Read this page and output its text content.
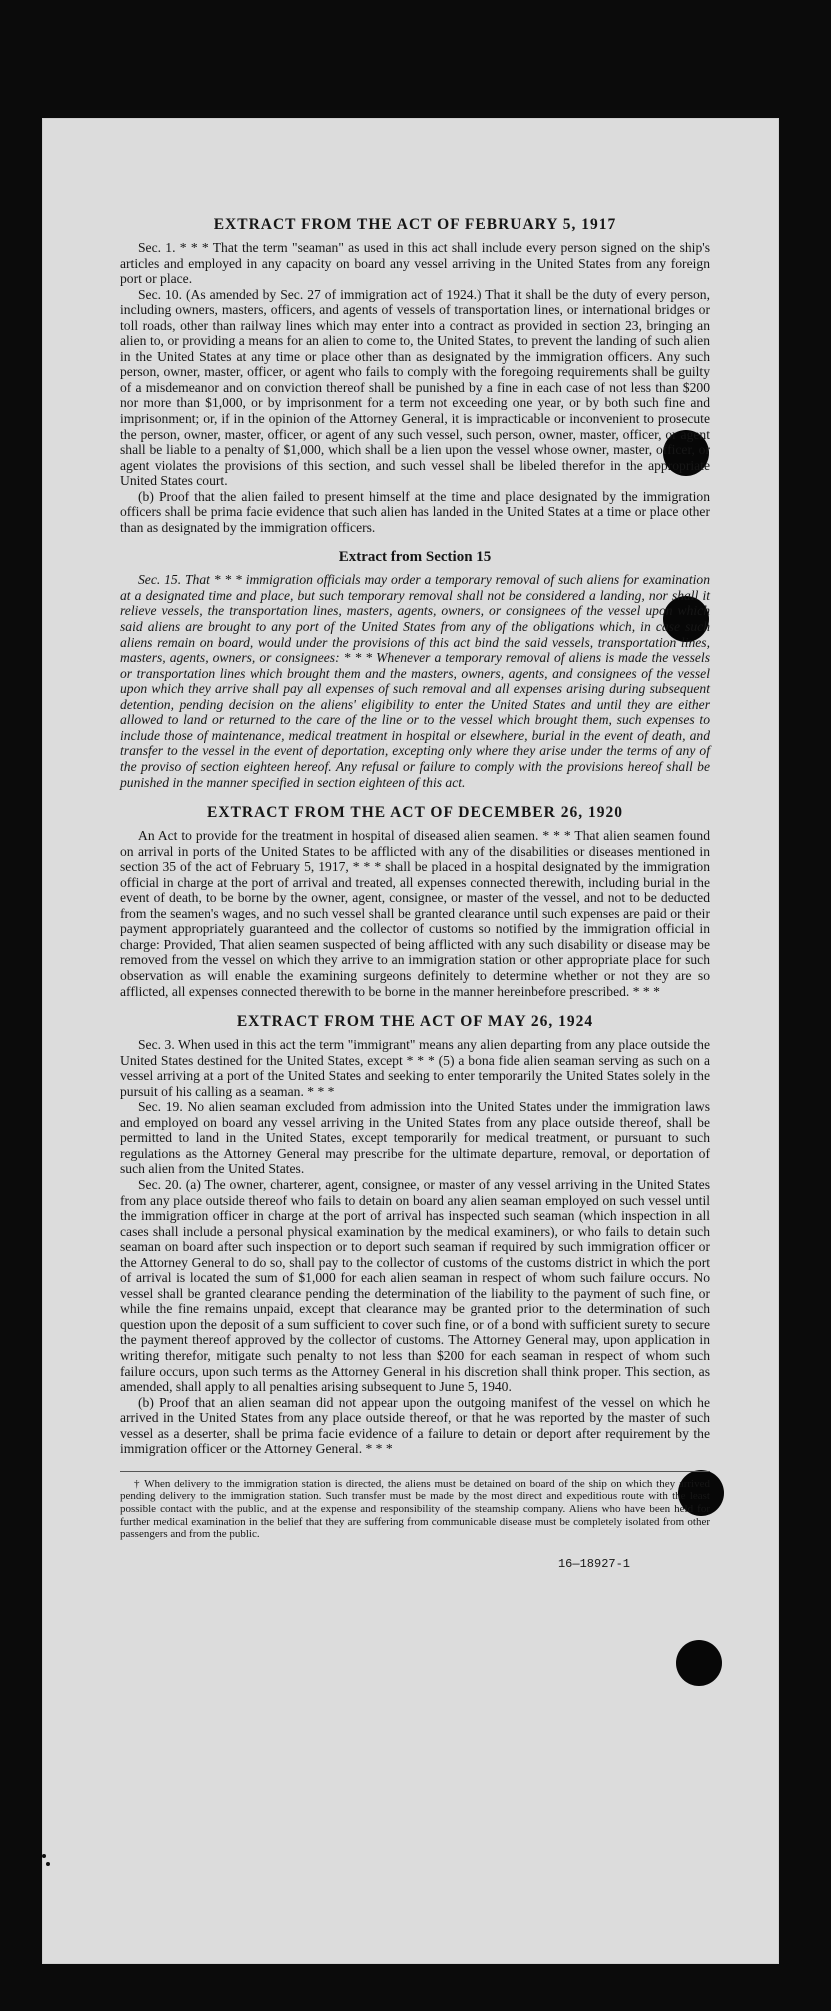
EXTRACT FROM THE ACT OF FEBRUARY 5, 1917

Sec. 1. * * * That the term "seaman" as used in this act shall include every person signed on the ship's articles and employed in any capacity on board any vessel arriving in the United States from any foreign port or place.

Sec. 10. (As amended by Sec. 27 of immigration act of 1924.) That it shall be the duty of every person, including owners, masters, officers, and agents of vessels of transportation lines, or international bridges or toll roads, other than railway lines which may enter into a contract as provided in section 23, bringing an alien to, or providing a means for an alien to come to, the United States, to prevent the landing of such alien in the United States at any time or place other than as designated by the immigration officers. Any such person, owner, master, officer, or agent who fails to comply with the foregoing requirements shall be guilty of a misdemeanor and on conviction thereof shall be punished by a fine in each case of not less than $200 nor more than $1,000, or by imprisonment for a term not exceeding one year, or by both such fine and imprisonment; or, if in the opinion of the Attorney General, it is impracticable or inconvenient to prosecute the person, owner, master, officer, or agent of any such vessel, such person, owner, master, officer, or agent shall be liable to a penalty of $1,000, which shall be a lien upon the vessel whose owner, master, officer, or agent violates the provisions of this section, and such vessel shall be libeled therefor in the appropriate United States court.

(b) Proof that the alien failed to present himself at the time and place designated by the immigration officers shall be prima facie evidence that such alien has landed in the United States at a time or place other than as designated by the immigration officers.

Extract from Section 15

Sec. 15. That * * * immigration officials may order a temporary removal of such aliens for examination at a designated time and place, but such temporary removal shall not be considered a landing, nor shall it relieve vessels, the transportation lines, masters, agents, owners, or consignees of the vessel upon which said aliens are brought to any port of the United States from any of the obligations which, in case such aliens remain on board, would under the provisions of this act bind the said vessels, transportation lines, masters, agents, owners, or consignees: * * * Whenever a temporary removal of aliens is made the vessels or transportation lines which brought them and the masters, owners, agents, and consignees of the vessel upon which they arrive shall pay all expenses of such removal and all expenses arising during subsequent detention, pending decision on the aliens' eligibility to enter the United States and until they are either allowed to land or returned to the care of the line or to the vessel which brought them, such expenses to include those of maintenance, medical treatment in hospital or elsewhere, burial in the event of death, and transfer to the vessel in the event of deportation, excepting only where they arise under the terms of any of the proviso of section eighteen hereof. Any refusal or failure to comply with the provisions hereof shall be punished in the manner specified in section eighteen of this act.

EXTRACT FROM THE ACT OF DECEMBER 26, 1920

An Act to provide for the treatment in hospital of diseased alien seamen. * * * That alien seamen found on arrival in ports of the United States to be afflicted with any of the disabilities or diseases mentioned in section 35 of the act of February 5, 1917, * * * shall be placed in a hospital designated by the immigration official in charge at the port of arrival and treated, all expenses connected therewith, including burial in the event of death, to be borne by the owner, agent, consignee, or master of the vessel, and not to be deducted from the seamen's wages, and no such vessel shall be granted clearance until such expenses are paid or their payment appropriately guaranteed and the collector of customs so notified by the immigration official in charge: Provided, That alien seamen suspected of being afflicted with any such disability or disease may be removed from the vessel on which they arrive to an immigration station or other appropriate place for such observation as will enable the examining surgeons definitely to determine whether or not they are so afflicted, all expenses connected therewith to be borne in the manner hereinbefore prescribed. * * *

EXTRACT FROM THE ACT OF MAY 26, 1924

Sec. 3. When used in this act the term "immigrant" means any alien departing from any place outside the United States destined for the United States, except * * * (5) a bona fide alien seaman serving as such on a vessel arriving at a port of the United States and seeking to enter temporarily the United States solely in the pursuit of his calling as a seaman. * * *

Sec. 19. No alien seaman excluded from admission into the United States under the immigration laws and employed on board any vessel arriving in the United States from any place outside thereof, shall be permitted to land in the United States, except temporarily for medical treatment, or pursuant to such regulations as the Attorney General may prescribe for the ultimate departure, removal, or deportation of such alien from the United States.

Sec. 20. (a) The owner, charterer, agent, consignee, or master of any vessel arriving in the United States from any place outside thereof who fails to detain on board any alien seaman employed on such vessel until the immigration officer in charge at the port of arrival has inspected such seaman (which inspection in all cases shall include a personal physical examination by the medical examiners), or who fails to detain such seaman on board after such inspection or to deport such seaman if required by such immigration officer or the Attorney General to do so, shall pay to the collector of customs of the customs district in which the port of arrival is located the sum of $1,000 for each alien seaman in respect of whom such failure occurs. No vessel shall be granted clearance pending the determination of the liability to the payment of such fine, or while the fine remains unpaid, except that clearance may be granted prior to the determination of such question upon the deposit of a sum sufficient to cover such fine, or of a bond with sufficient surety to secure the payment thereof approved by the collector of customs. The Attorney General may, upon application in writing therefor, mitigate such penalty to not less than $200 for each seaman in respect of whom such failure occurs, upon such terms as the Attorney General in his discretion shall think proper. This section, as amended, shall apply to all penalties arising subsequent to June 5, 1940.

(b) Proof that an alien seaman did not appear upon the outgoing manifest of the vessel on which he arrived in the United States from any place outside thereof, or that he was reported by the master of such vessel as a deserter, shall be prima facie evidence of a failure to detain or deport after requirement by the immigration officer or the Attorney General. * * *

† When delivery to the immigration station is directed, the aliens must be detained on board of the ship on which they arrived pending delivery to the immigration station. Such transfer must be made by the most direct and expeditious route with the least possible contact with the public, and at the expense and responsibility of the steamship company. Aliens who have been held for further medical examination in the belief that they are suffering from communicable disease must be completely isolated from other passengers and from the public.
16—18927-1
